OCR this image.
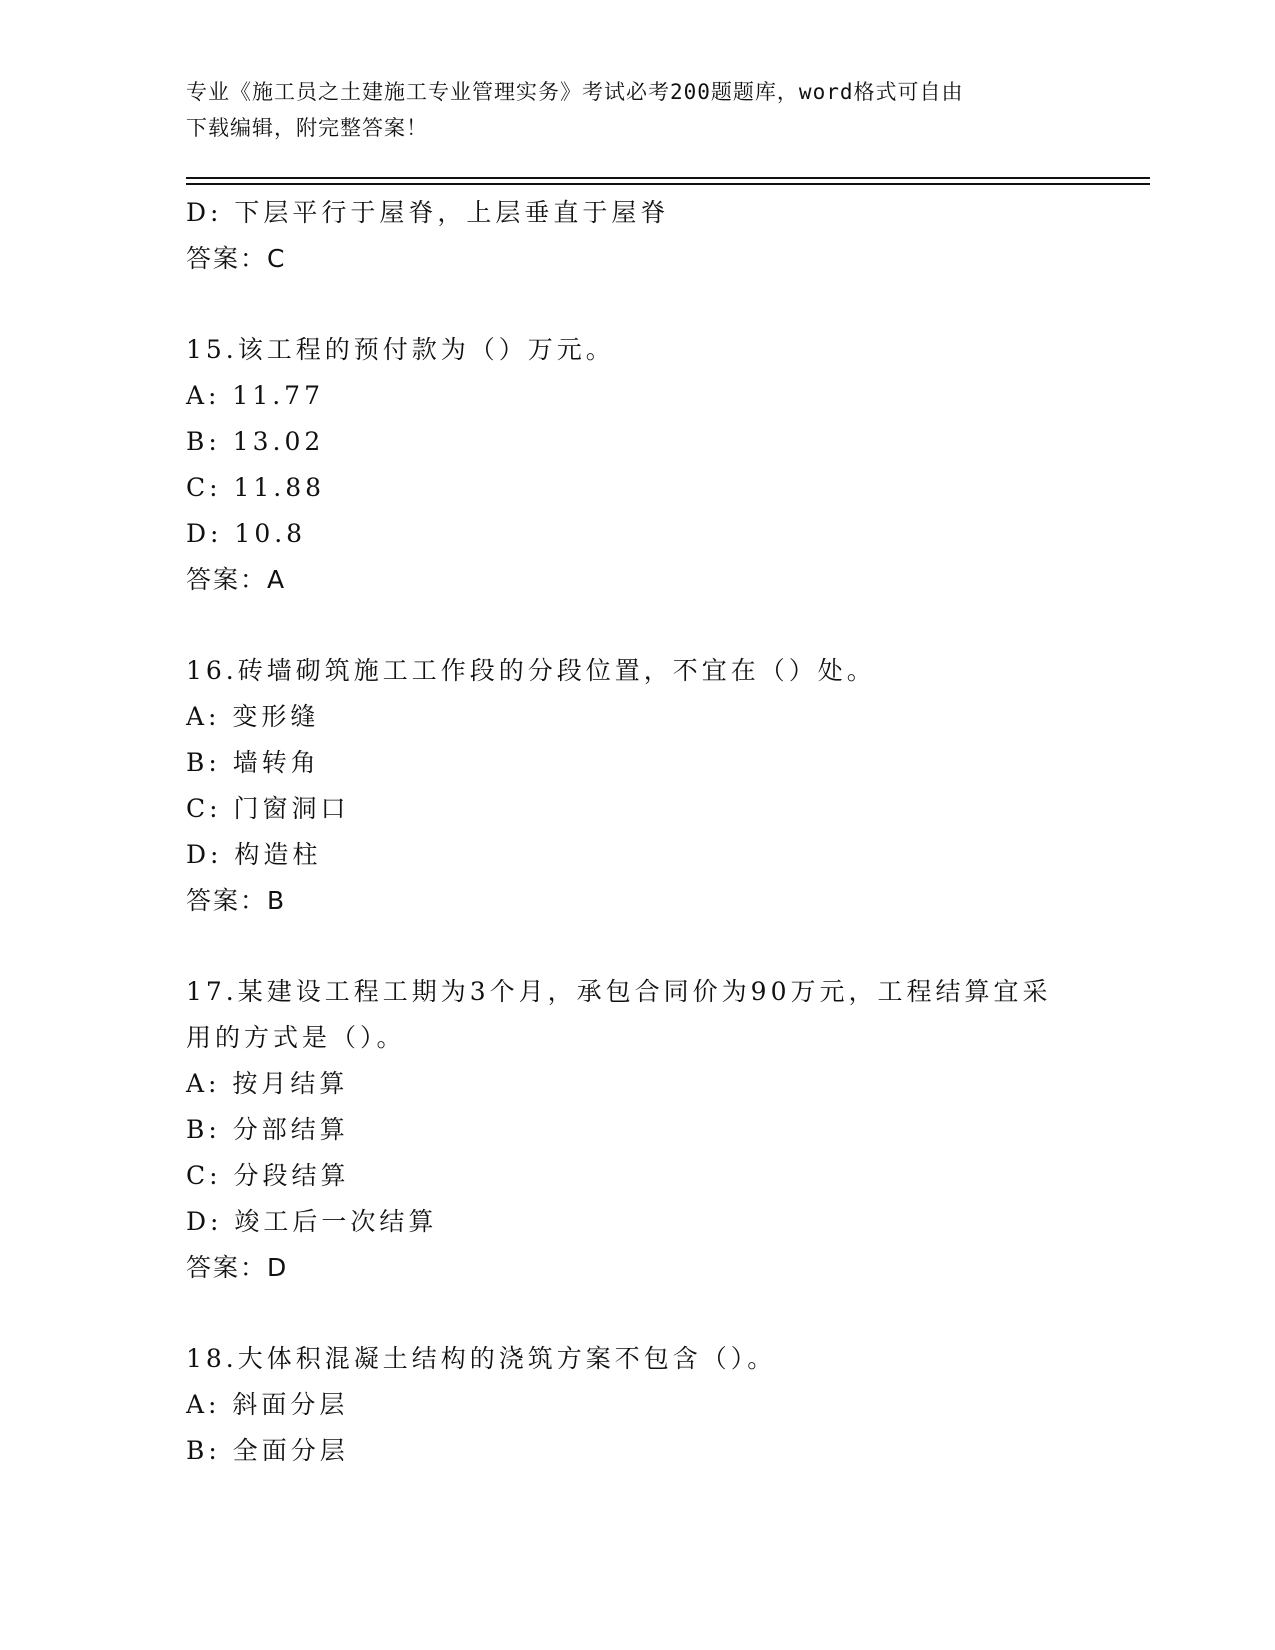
专业《施工员之土建施工专业管理实务》考试必考200题题库，word格式可自由
下载编辑，附完整答案！
D: 下层平行于屋脊，上层垂直于屋脊
答案：C
15.该工程的预付款为（）万元。
A: 11.77
B: 13.02
C: 11.88
D: 10.8
答案：A
16.砖墙砌筑施工工作段的分段位置，不宜在（）处。
A: 变形缝
B: 墙转角
C: 门窗洞口
D: 构造柱
答案：B
17.某建设工程工期为3个月，承包合同价为90万元，工程结算宜采
用的方式是（）。
A: 按月结算
B: 分部结算
C: 分段结算
D: 竣工后一次结算
答案：D
18.大体积混凝土结构的浇筑方案不包含（）。
A: 斜面分层
B: 全面分层
